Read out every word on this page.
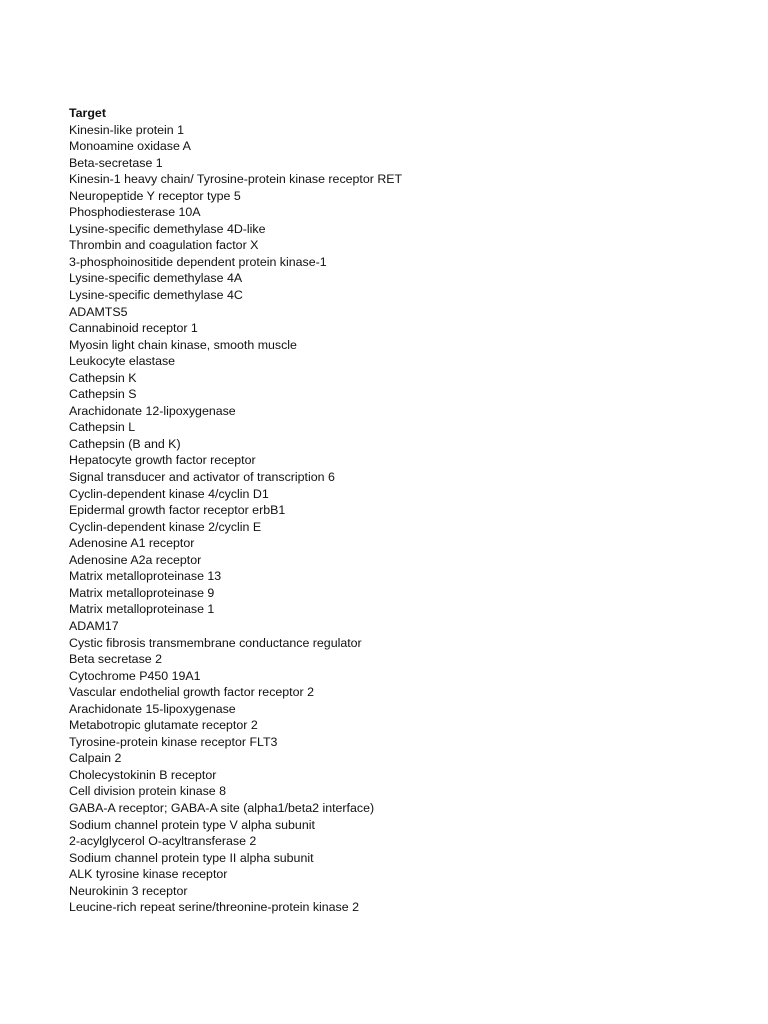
Target
Kinesin-like protein 1
Monoamine oxidase A
Beta-secretase 1
Kinesin-1 heavy chain/ Tyrosine-protein kinase receptor RET
Neuropeptide Y receptor type 5
Phosphodiesterase 10A
Lysine-specific demethylase 4D-like
Thrombin and coagulation factor X
3-phosphoinositide dependent protein kinase-1
Lysine-specific demethylase 4A
Lysine-specific demethylase 4C
ADAMTS5
Cannabinoid receptor 1
Myosin light chain kinase, smooth muscle
Leukocyte elastase
Cathepsin K
Cathepsin S
Arachidonate 12-lipoxygenase
Cathepsin L
Cathepsin (B and K)
Hepatocyte growth factor receptor
Signal transducer and activator of transcription 6
Cyclin-dependent kinase 4/cyclin D1
Epidermal growth factor receptor erbB1
Cyclin-dependent kinase 2/cyclin E
Adenosine A1 receptor
Adenosine A2a receptor
Matrix metalloproteinase 13
Matrix metalloproteinase 9
Matrix metalloproteinase 1
ADAM17
Cystic fibrosis transmembrane conductance regulator
Beta secretase 2
Cytochrome P450 19A1
Vascular endothelial growth factor receptor 2
Arachidonate 15-lipoxygenase
Metabotropic glutamate receptor 2
Tyrosine-protein kinase receptor FLT3
Calpain 2
Cholecystokinin B receptor
Cell division protein kinase 8
GABA-A receptor; GABA-A site (alpha1/beta2 interface)
Sodium channel protein type V alpha subunit
2-acylglycerol O-acyltransferase 2
Sodium channel protein type II alpha subunit
ALK tyrosine kinase receptor
Neurokinin 3 receptor
Leucine-rich repeat serine/threonine-protein kinase 2
